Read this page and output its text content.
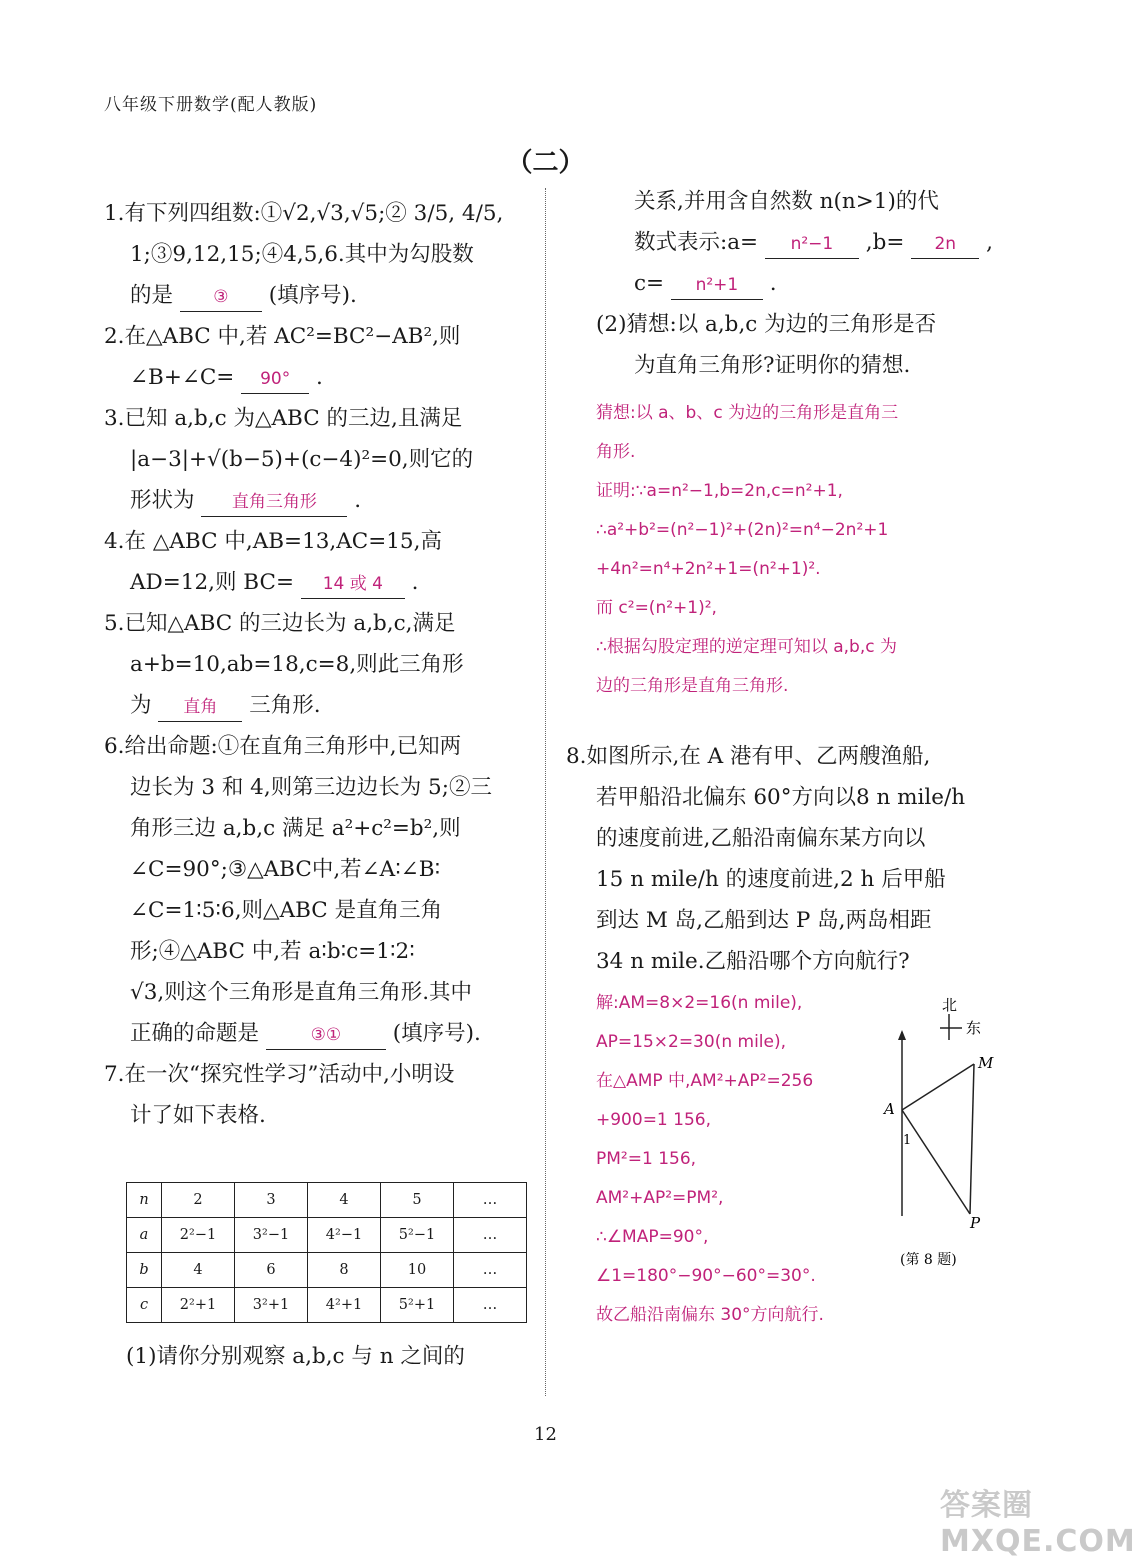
八年级下册数学(配人教版)
（二）
1.有下列四组数:①√2,√3,√5;② 3/5, 4/5,
1;③9,12,15;④4,5,6.其中为勾股数
的是 ③ (填序号).
2.在△ABC 中,若 AC²=BC²−AB²,则
∠B+∠C= 90° .
3.已知 a,b,c 为△ABC 的三边,且满足
|a−3|+√(b−5)+(c−4)²=0,则它的
形状为 直角三角形 .
4.在 △ABC 中,AB=13,AC=15,高
AD=12,则 BC= 14 或 4 .
5.已知△ABC 的三边长为 a,b,c,满足
a+b=10,ab=18,c=8,则此三角形
为 直角 三角形.
6.给出命题:①在直角三角形中,已知两
边长为 3 和 4,则第三边边长为 5;②三
角形三边 a,b,c 满足 a²+c²=b²,则
∠C=90°;③△ABC中,若∠A∶∠B∶
∠C=1∶5∶6,则△ABC 是直角三角
形;④△ABC 中,若 a∶b∶c=1∶2∶
√3,则这个三角形是直角三角形.其中
正确的命题是	③① (填序号).
7.在一次“探究性学习”活动中,小明设
计了如下表格.
n	2	3	4	5	…
a	2²−1	3²−1	4²−1	5²−1	…
b	4	6	8	10	…
c	2²+1	3²+1	4²+1	5²+1	…
(1)请你分别观察 a,b,c 与 n 之间的
关系,并用含自然数 n(n>1)的代
数式表示:a= n²−1 ,b= 2n ,
c= n²+1 .
(2)猜想:以 a,b,c 为边的三角形是否
为直角三角形?证明你的猜想.
猜想:以 a、b、c 为边的三角形是直角三
角形.
证明:∵a=n²−1,b=2n,c=n²+1,
∴a²+b²=(n²−1)²+(2n)²=n⁴−2n²+1
+4n²=n⁴+2n²+1=(n²+1)².
而 c²=(n²+1)²,
∴根据勾股定理的逆定理可知以 a,b,c 为
边的三角形是直角三角形.
8.如图所示,在 A 港有甲、乙两艘渔船,
若甲船沿北偏东 60°方向以8 n mile/h
的速度前进,乙船沿南偏东某方向以
15 n mile/h 的速度前进,2 h 后甲船
到达 M 岛,乙船到达 P 岛,两岛相距
34 n mile.乙船沿哪个方向航行?
解:AM=8×2=16(n mile),
AP=15×2=30(n mile),
在△AMP 中,AM²+AP²=256
+900=1 156,
PM²=1 156,
AM²+AP²=PM²,
∴∠MAP=90°,
∠1=180°−90°−60°=30°.
故乙船沿南偏东 30°方向航行.
北
东
A
M
P
1
(第 8 题)
12
答案圈 MXQE.COM
